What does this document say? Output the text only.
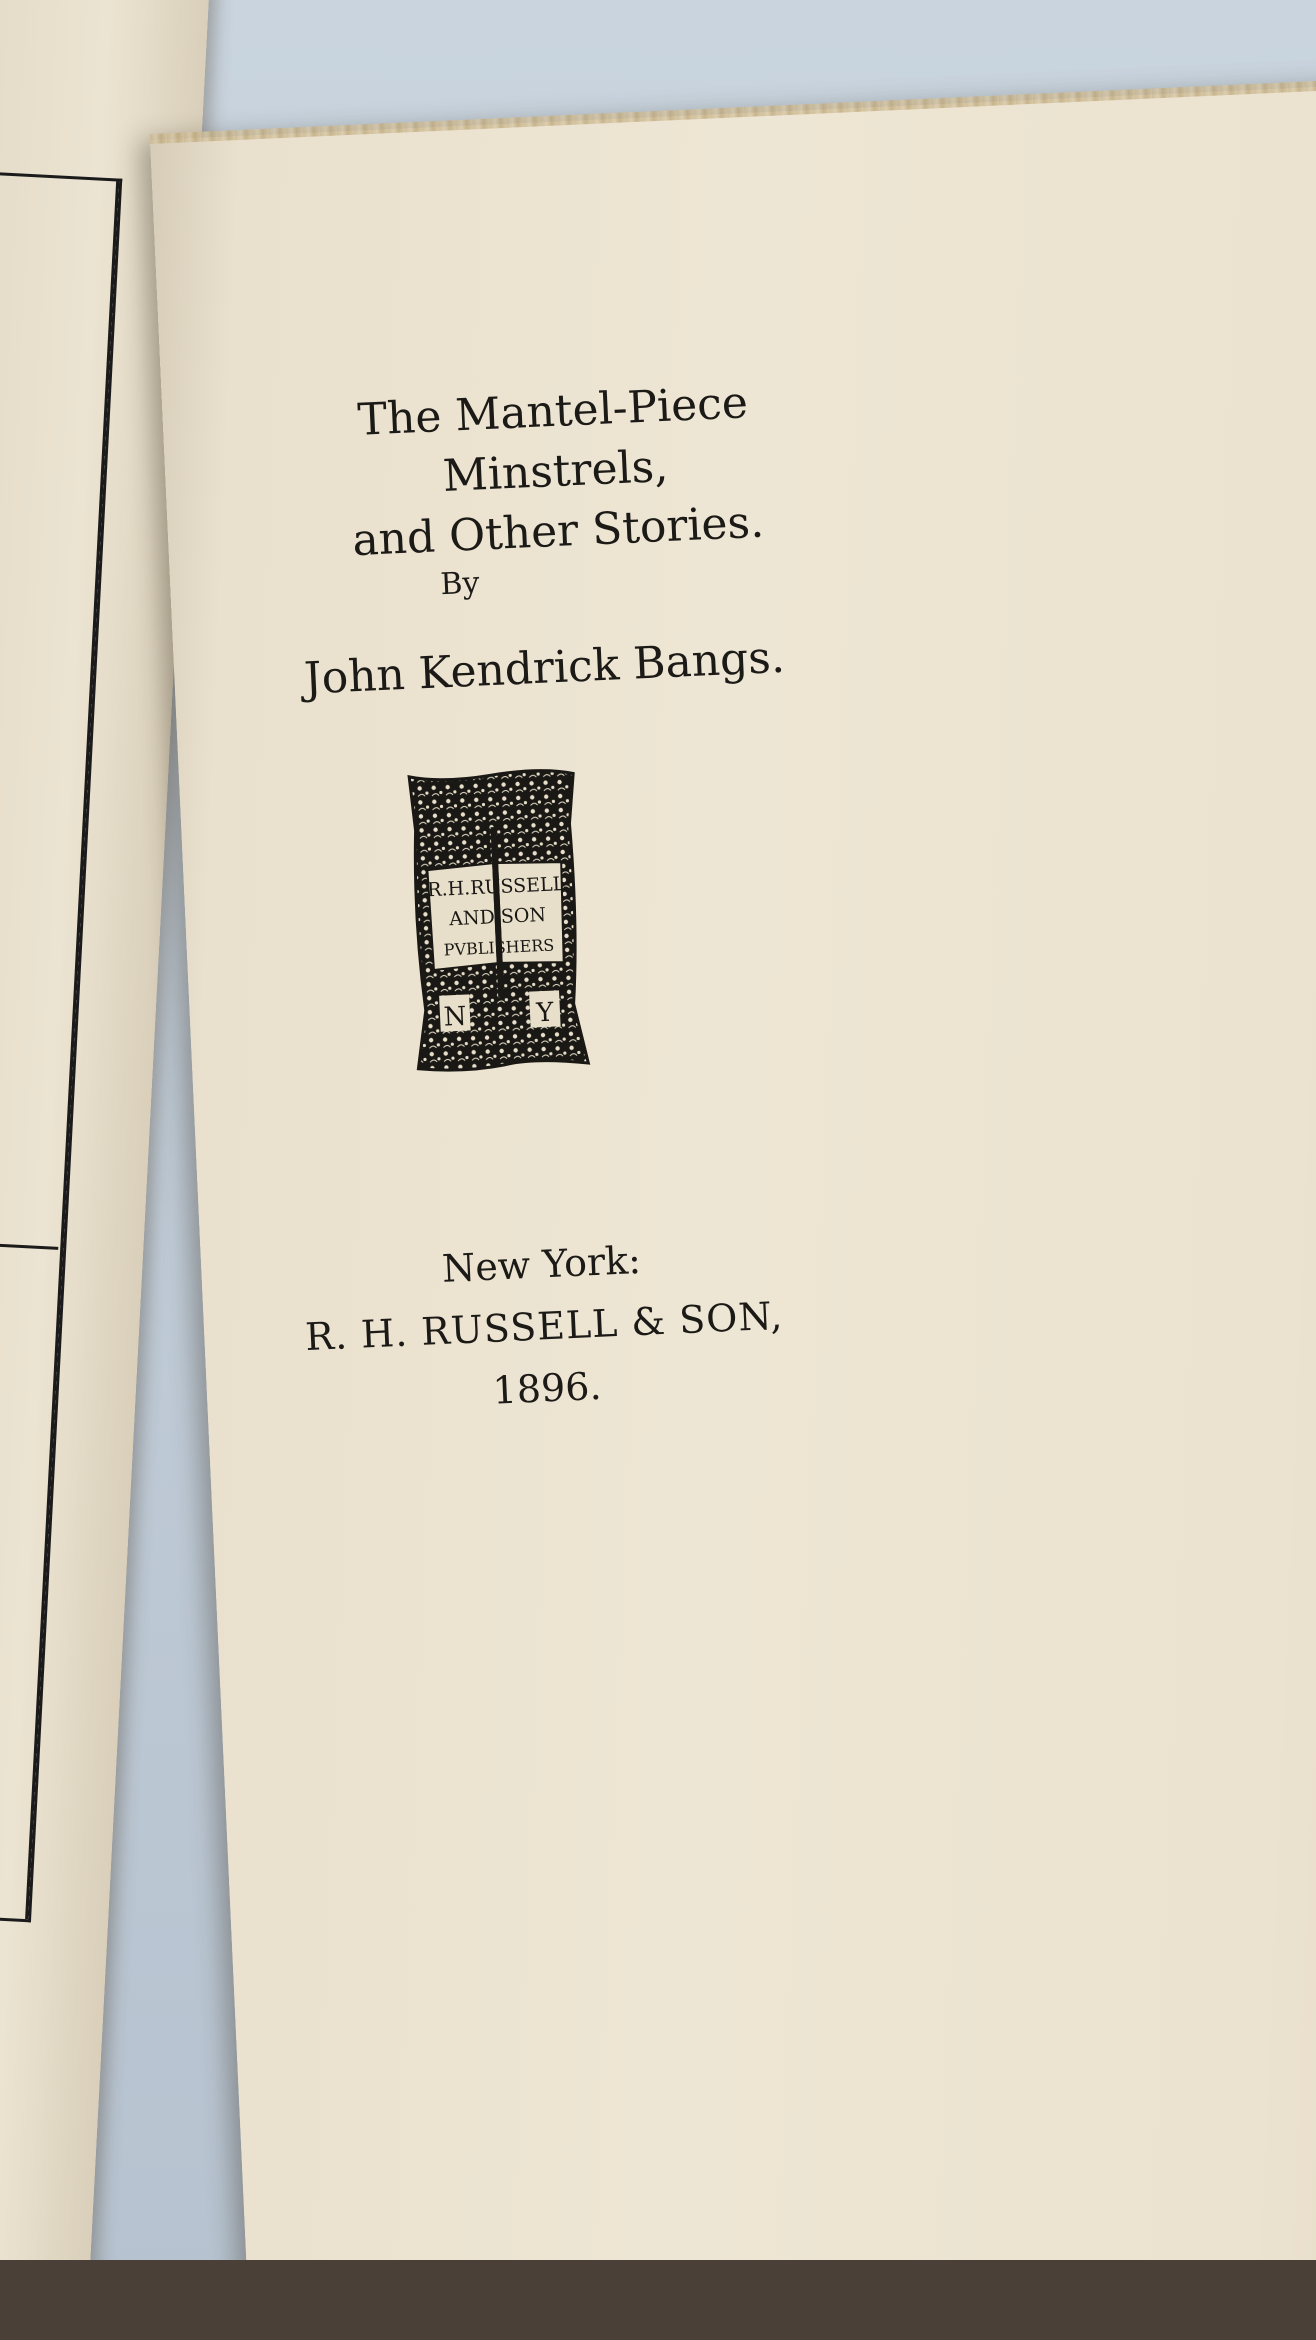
The Mantel-Piece Minstrels,
and Other Stories.
By
John Kendrick Bangs.
R.H.RUSSELL
AND SON
PVBLISHERS
N	Y
New York:
R. H. RUSSELL & SON,
1896.
